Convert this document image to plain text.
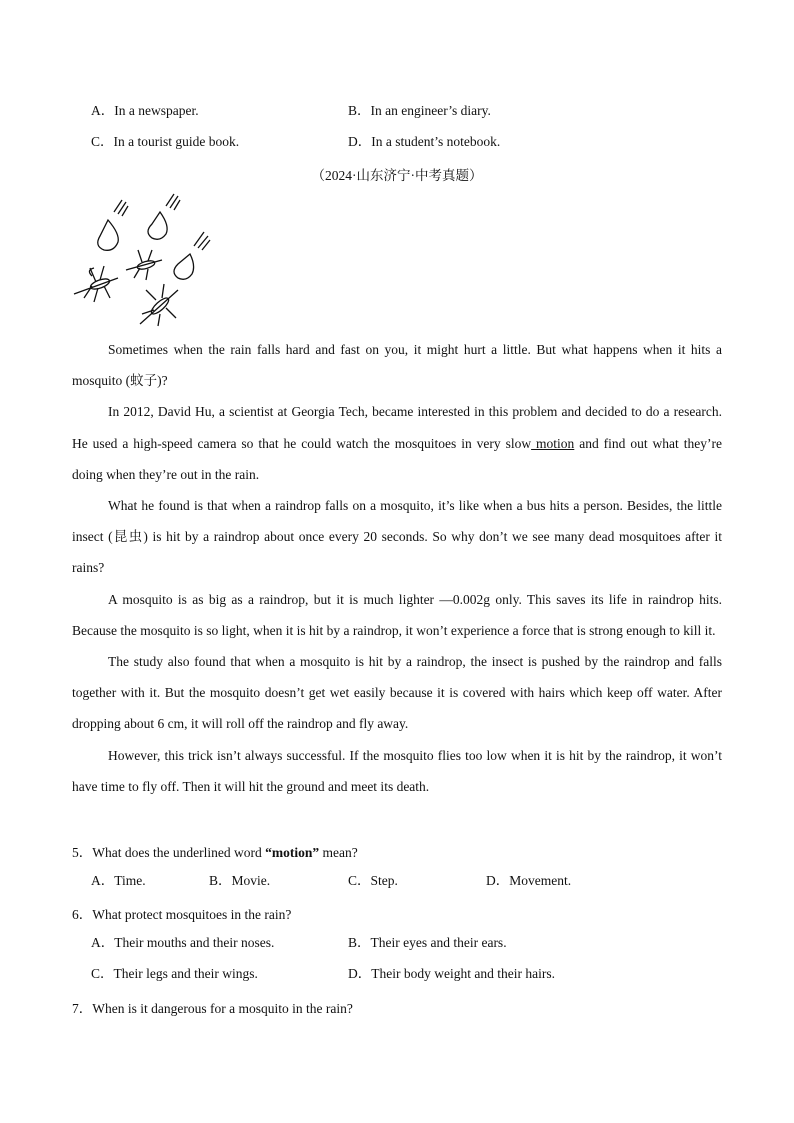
A．In a newspaper.	B．In an engineer’s diary.
C．In a tourist guide book.	D．In a student’s notebook.
（2024·山东济宁·中考真题）

Sometimes when the rain falls hard and fast on you, it might hurt a little. But what happens when it hits a mosquito (蚊子)?

In 2012, David Hu, a scientist at Georgia Tech, became interested in this problem and decided to do a research. He used a high-speed camera so that he could watch the mosquitoes in very slow motion and find out what they’re doing when they’re out in the rain.

What he found is that when a raindrop falls on a mosquito, it’s like when a bus hits a person. Besides, the little insect (昆虫) is hit by a raindrop about once every 20 seconds. So why don’t we see many dead mosquitoes after it rains?

A mosquito is as big as a raindrop, but it is much lighter —0.002g only. This saves its life in raindrop hits. Because the mosquito is so light, when it is hit by a raindrop, it won’t experience a force that is strong enough to kill it.

The study also found that when a mosquito is hit by a raindrop, the insect is pushed by the raindrop and falls together with it. But the mosquito doesn’t get wet easily because it is covered with hairs which keep off water. After dropping about 6 cm, it will roll off the raindrop and fly away.

However, this trick isn’t always successful. If the mosquito flies too low when it is hit by the raindrop, it won’t have time to fly off. Then it will hit the ground and meet its death.

5．What does the underlined word “motion” mean?
A．Time.	B．Movie.	C．Step.	D．Movement.
6．What protect mosquitoes in the rain?
A．Their mouths and their noses.	B．Their eyes and their ears.
C．Their legs and their wings.	D．Their body weight and their hairs.
7．When is it dangerous for a mosquito in the rain?
